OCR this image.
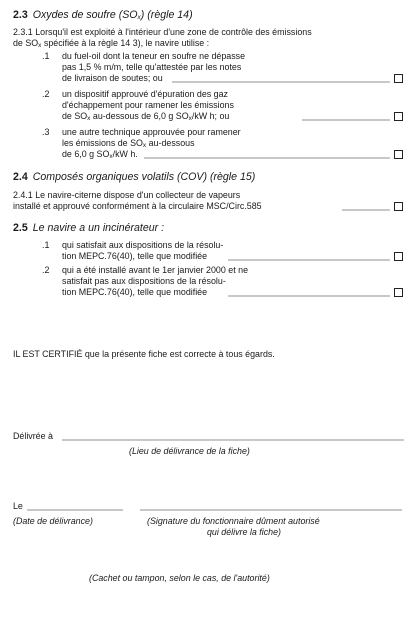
2.3 Oxydes de soufre $(SO_x)$ (règle 14)
2.3.1 Lorsqu'il est exploité à l'intérieur d'une zone de contrôle des émissions
de $SO_x$ spécifiée à la règle 14 3), le navire utilise :
.1 du fuel-oil dont la teneur en soufre ne dépasse
pas 1,5 % m/m, telle qu'attestée par les notes
de livraison de soutes; ou
.2 un dispositif approuvé d'épuration des gaz
d'échappement pour ramener les émissions
de $SO_x$ au-dessous de 6,0 g $SO_x/kW$ h; ou
.3 une autre technique approuvée pour ramener
les émissions de $SO_x$ au-dessous
de 6,0 g $SO_x/kW$ h.
2.4 Composés organiques volatils (COV) (règle 15)
2.4.1 Le navire-citerne dispose d'un collecteur de vapeurs
installé et approuvé conformément à la circulaire MSC/Circ.585
2.5 Le navire a un incinérateur :
.1 qui satisfait aux dispositions de la résolu-
tion MEPC.76(40), telle que modifiée
.2 qui a été installé avant le 1er janvier 2000 et ne
satisfait pas aux dispositions de la résolu-
tion MEPC.76(40), telle que modifiée
IL EST CERTIFIÉ que la présente fiche est correcte à tous égards.
Délivrée à
(Lieu de délivrance de la fiche)
Le
(Date de délivrance)	(Signature du fonctionnaire dûment autorisé
qui délivre la fiche)
(Cachet ou tampon, selon le cas, de l'autorité)
